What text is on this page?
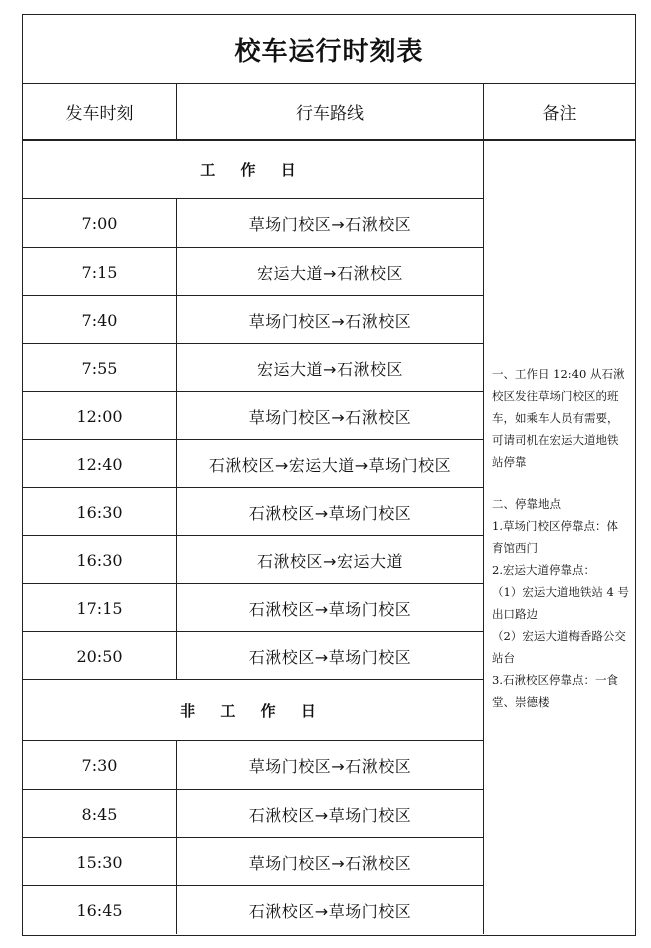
校车运行时刻表
发车时刻	行车路线	备注
工 作 日
7:00	草场门校区→石湫校区
7:15	宏运大道→石湫校区
7:40	草场门校区→石湫校区
7:55	宏运大道→石湫校区
12:00	草场门校区→石湫校区
12:40	石湫校区→宏运大道→草场门校区
16:30	石湫校区→草场门校区
16:30	石湫校区→宏运大道
17:15	石湫校区→草场门校区
20:50	石湫校区→草场门校区
非 工 作 日
7:30	草场门校区→石湫校区
8:45	石湫校区→草场门校区
15:30	草场门校区→石湫校区
16:45	石湫校区→草场门校区

一、工作日 12:40 从石湫校区发往草场门校区的班车，如乘车人员有需要，可请司机在宏运大道地铁站停靠

二、停靠地点

1.草场门校区停靠点：体育馆西门

2.宏运大道停靠点：

（1）宏运大道地铁站 4 号出口路边

（2）宏运大道梅香路公交站台

3.石湫校区停靠点：一食堂、崇德楼
